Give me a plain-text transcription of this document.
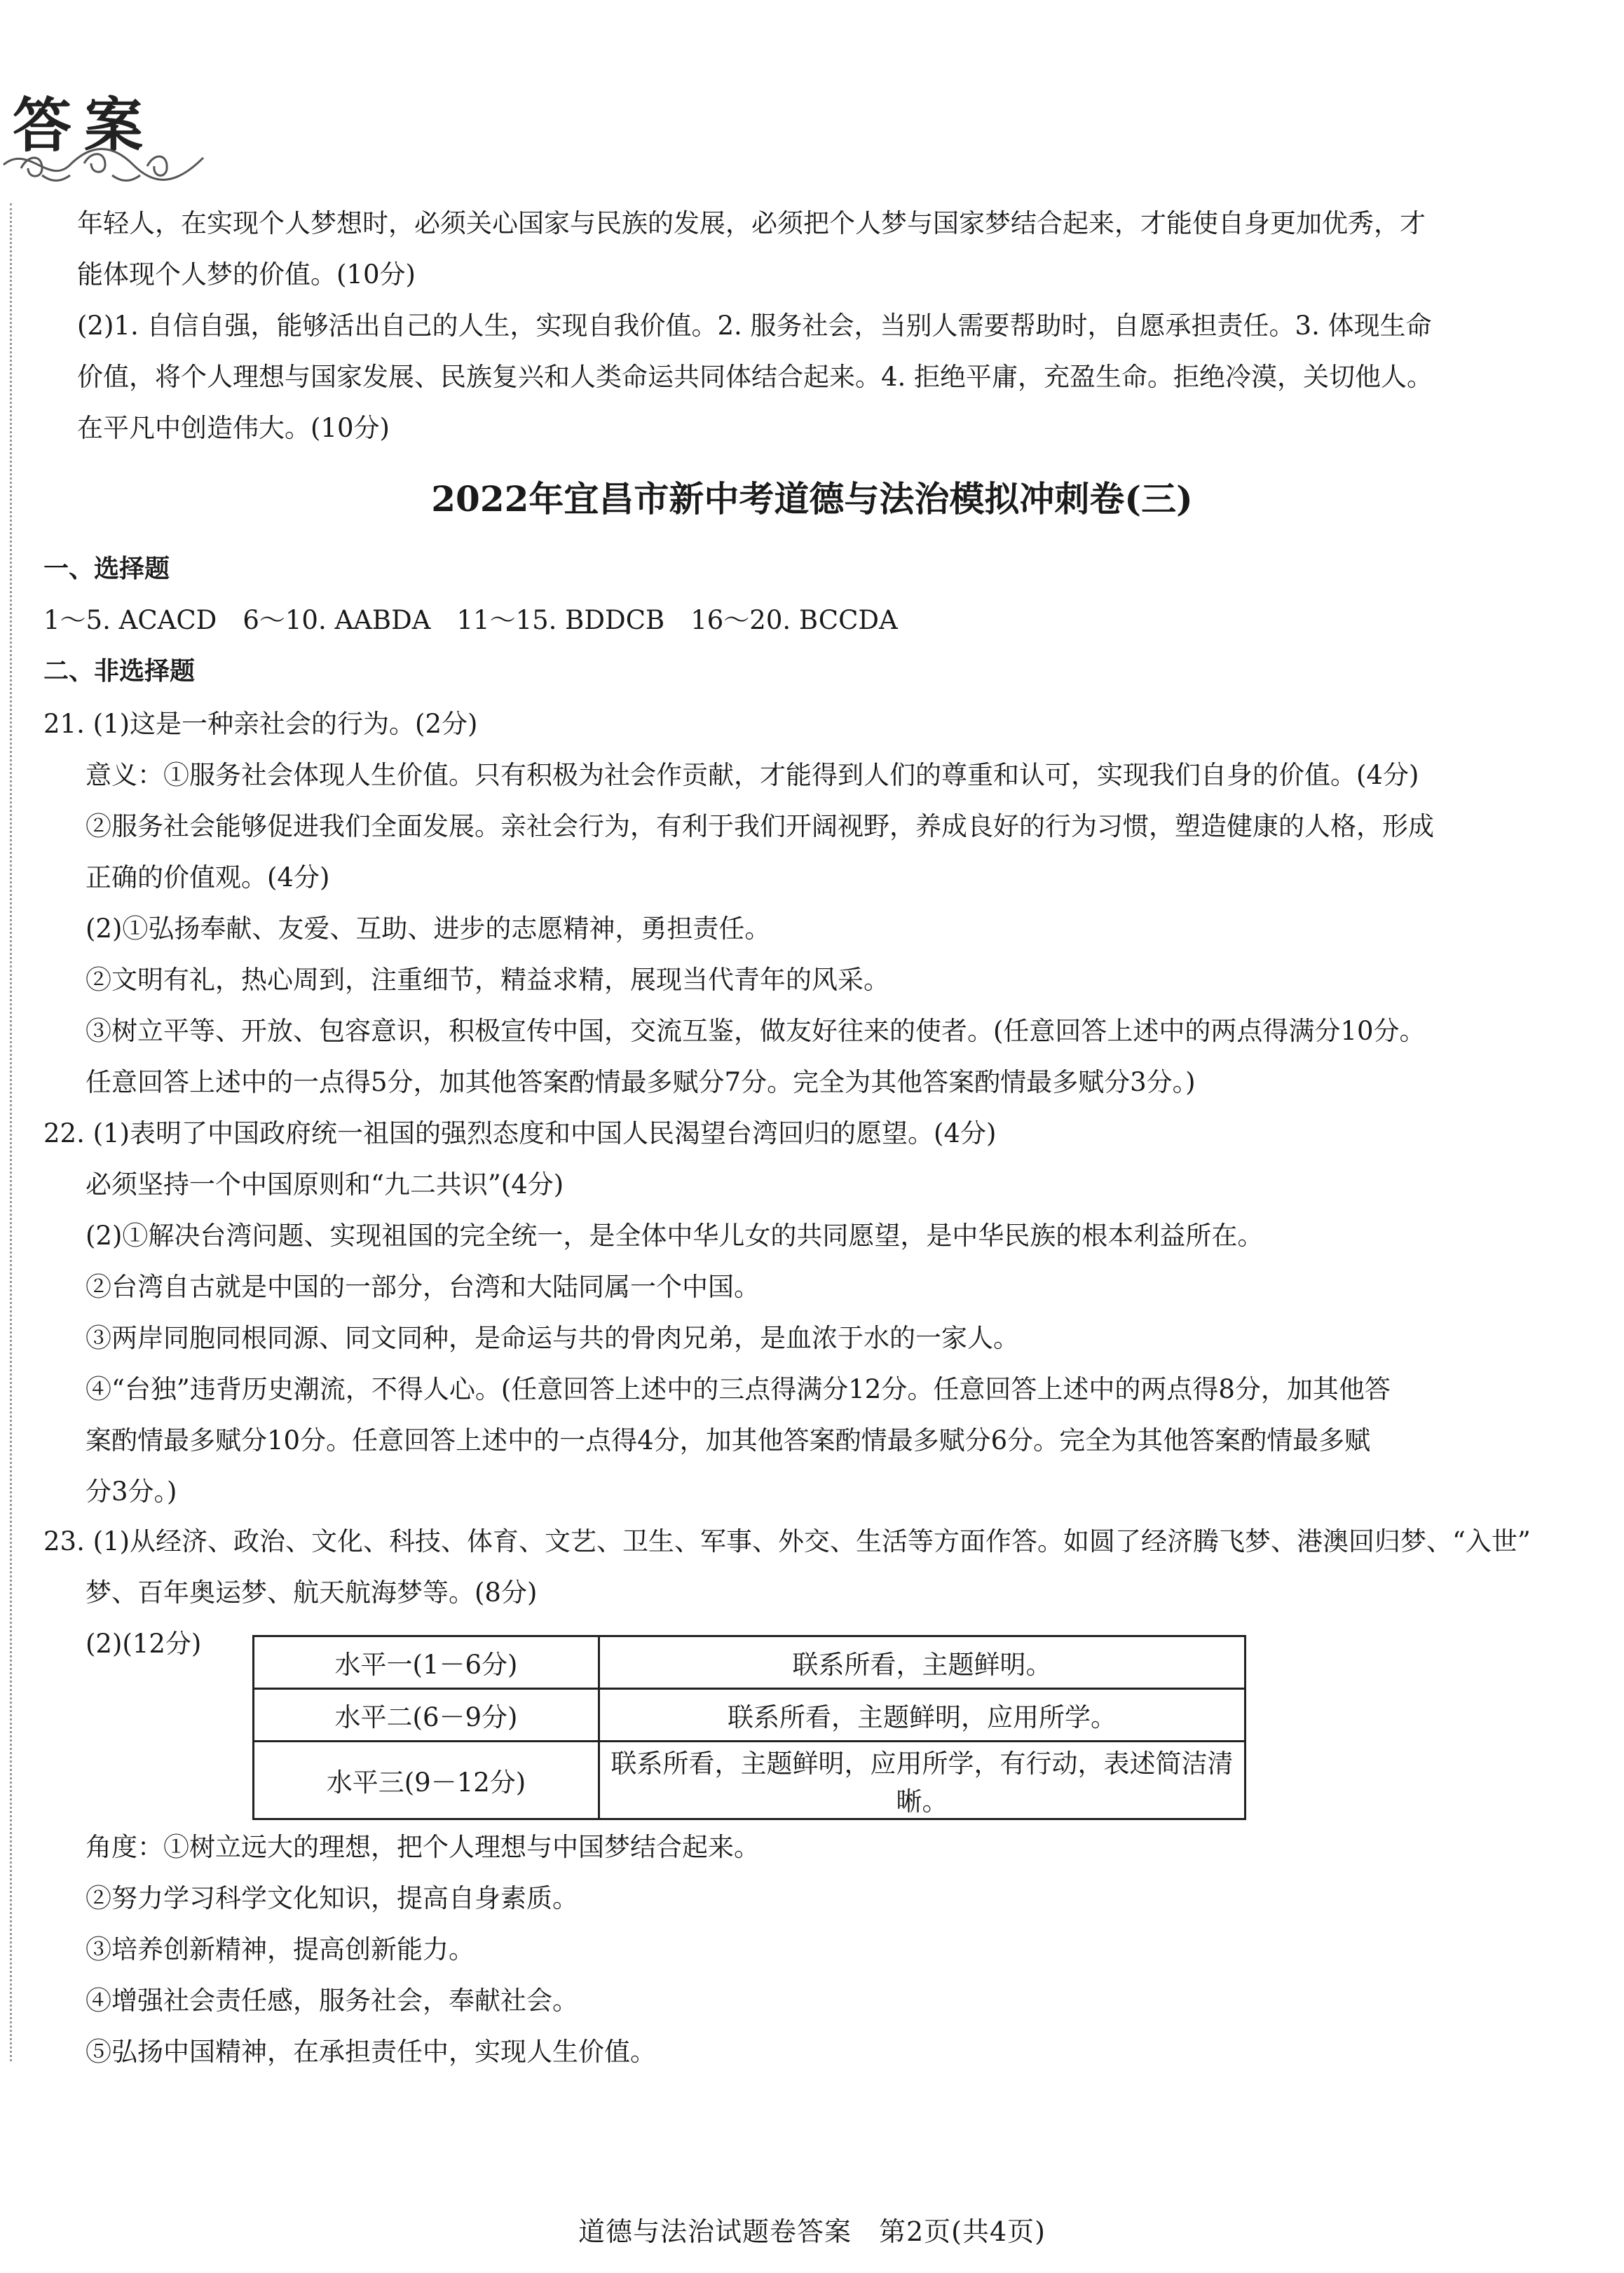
答案
年轻人，在实现个人梦想时，必须关心国家与民族的发展，必须把个人梦与国家梦结合起来，才能使自身更加优秀，才
能体现个人梦的价值。(10分)
(2)1. 自信自强，能够活出自己的人生，实现自我价值。2. 服务社会，当别人需要帮助时，自愿承担责任。3. 体现生命
价值，将个人理想与国家发展、民族复兴和人类命运共同体结合起来。4. 拒绝平庸，充盈生命。拒绝冷漠，关切他人。
在平凡中创造伟大。(10分)
2022年宜昌市新中考道德与法治模拟冲刺卷(三)
一、选择题
1～5. ACACD　6～10. AABDA　11～15. BDDCB　16～20. BCCDA
二、非选择题
21. (1)这是一种亲社会的行为。(2分)
意义：①服务社会体现人生价值。只有积极为社会作贡献，才能得到人们的尊重和认可，实现我们自身的价值。(4分)
②服务社会能够促进我们全面发展。亲社会行为，有利于我们开阔视野，养成良好的行为习惯，塑造健康的人格，形成
正确的价值观。(4分)
(2)①弘扬奉献、友爱、互助、进步的志愿精神，勇担责任。
②文明有礼，热心周到，注重细节，精益求精，展现当代青年的风采。
③树立平等、开放、包容意识，积极宣传中国，交流互鉴，做友好往来的使者。(任意回答上述中的两点得满分10分。
任意回答上述中的一点得5分，加其他答案酌情最多赋分7分。完全为其他答案酌情最多赋分3分。)
22. (1)表明了中国政府统一祖国的强烈态度和中国人民渴望台湾回归的愿望。(4分)
必须坚持一个中国原则和“九二共识”(4分)
(2)①解决台湾问题、实现祖国的完全统一，是全体中华儿女的共同愿望，是中华民族的根本利益所在。
②台湾自古就是中国的一部分，台湾和大陆同属一个中国。
③两岸同胞同根同源、同文同种，是命运与共的骨肉兄弟，是血浓于水的一家人。
④“台独”违背历史潮流，不得人心。(任意回答上述中的三点得满分12分。任意回答上述中的两点得8分，加其他答
案酌情最多赋分10分。任意回答上述中的一点得4分，加其他答案酌情最多赋分6分。完全为其他答案酌情最多赋
分3分。)
23. (1)从经济、政治、文化、科技、体育、文艺、卫生、军事、外交、生活等方面作答。如圆了经济腾飞梦、港澳回归梦、“入世”
梦、百年奥运梦、航天航海梦等。(8分)
(2)(12分)
水平一(1－6分)	联系所看，主题鲜明。
水平二(6－9分)	联系所看，主题鲜明，应用所学。
水平三(9－12分)	联系所看，主题鲜明，应用所学，有行动，表述简洁清晰。
角度：①树立远大的理想，把个人理想与中国梦结合起来。
②努力学习科学文化知识，提高自身素质。
③培养创新精神，提高创新能力。
④增强社会责任感，服务社会，奉献社会。
⑤弘扬中国精神，在承担责任中，实现人生价值。
道德与法治试题卷答案　第2页(共4页)
